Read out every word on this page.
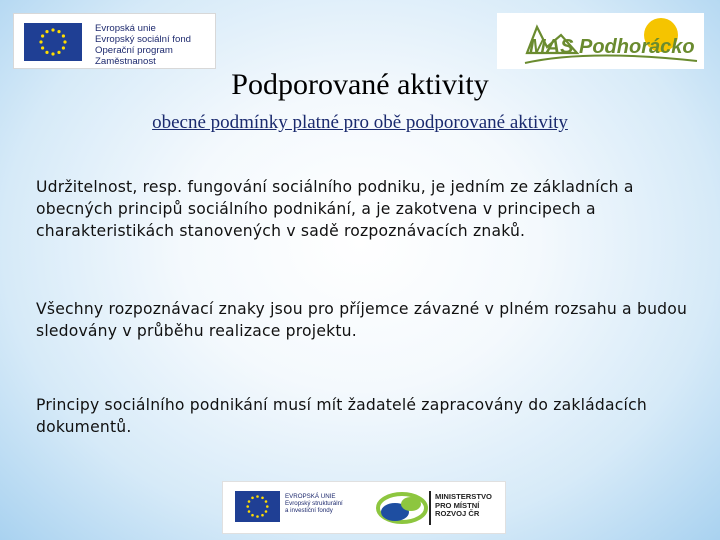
Evropská unie
Evropský sociální fond
Operační program Zaměstnanost
MAS Podhorácko
Podporované aktivity
obecné podmínky platné pro obě podporované aktivity
Udržitelnost, resp. fungování sociálního podniku, je jedním ze základních a obecných principů sociálního podnikání, a je zakotvena v principech a charakteristikách stanovených v sadě rozpoznávacích znaků.
Všechny rozpoznávací znaky jsou pro příjemce závazné v plném rozsahu a budou sledovány v průběhu realizace projektu.
Principy sociálního podnikání musí mít žadatelé zapracovány do zakládacích dokumentů.
EVROPSKÁ UNIE
Evropský strukturální
a investiční fondy
MINISTERSTVO
PRO MÍSTNÍ
ROZVOJ ČR
